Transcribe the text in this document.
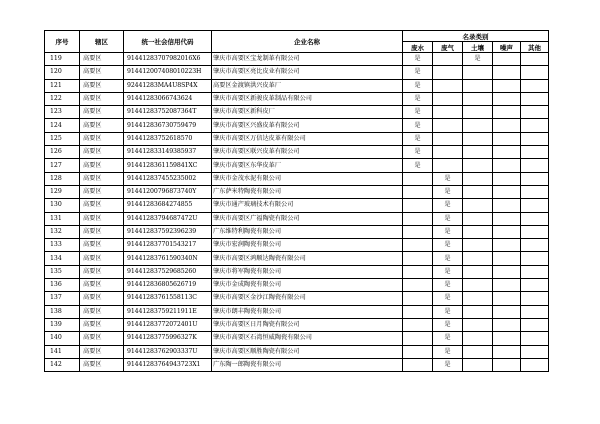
序号	辖区	统一社会信用代码	企业名称	名录类别				
				废水	废气	土壤	噪声	其他
119	高要区	91441283707982016X6	肇庆市高要区宝龙制革有限公司	是		是		
120	高要区	914412007408010223H	肇庆市高要区亮比皮业有限公司	是				
121	高要区	92441283MA4U8SP4X	高要区金渡镇洪兴皮革厂	是				
122	高要区	91441283066743624	肇庆市高要区新骏皮革制品有限公司	是				
123	高要区	91441283752087364T	肇庆市高要区新科皮厂	是				
124	高要区	91441283673075947​9	肇庆市高要区兴盛皮革有限公司	是				
125	高要区	91441283752618570	肇庆市高要区万信达皮革有限公司	是				
126	高要区	91441283314938593​7	肇庆市高要区联兴皮革有限公司	是				
127	高要区	914412836115984​1XC	肇庆市高要区东华皮革厂	是				
128	高要区	91441283745523500​2	肇庆市金茂水泥有限公司		是			
129	高要区	914412007968737​40Y	广东萨米特陶瓷有限公司		是			
130	高要区	91441283684274855	肇庆市通产玻璃技术有限公司		是			
131	高要区	9144128379468747​2U	肇庆市高要区广福陶瓷有限公司		是			
132	高要区	91441283759239623​9	广东维特利陶瓷有限公司		是			
133	高要区	91441283770154321​7	肇庆市宏润陶瓷有限公司		是			
134	高要区	91441283761590340​N	肇庆市高要区鸿顺达陶瓷有限公司		是			
135	高要区	914412837529685260	肇庆市将军陶瓷有限公司		是			
136	高要区	914412836805626719	肇庆市金成陶瓷有限公司		是			
137	高要区	91441283761558113C	肇庆市高要区金沙江陶瓷有限公司		是			
138	高要区	91441283759211911E	肇庆市朗丰陶瓷有限公司		是			
139	高要区	91441283772072401U	肇庆市高要区日月陶瓷有限公司		是			
140	高要区	91441283775996327K	肇庆市高要区石湾恒威陶瓷有限公司		是			
141	高要区	91441283762903337U	肇庆市高要区顺胜陶瓷有限公司		是			
142	高要区	91441283764943723X1	广东陶一郎陶瓷有限公司		是			
